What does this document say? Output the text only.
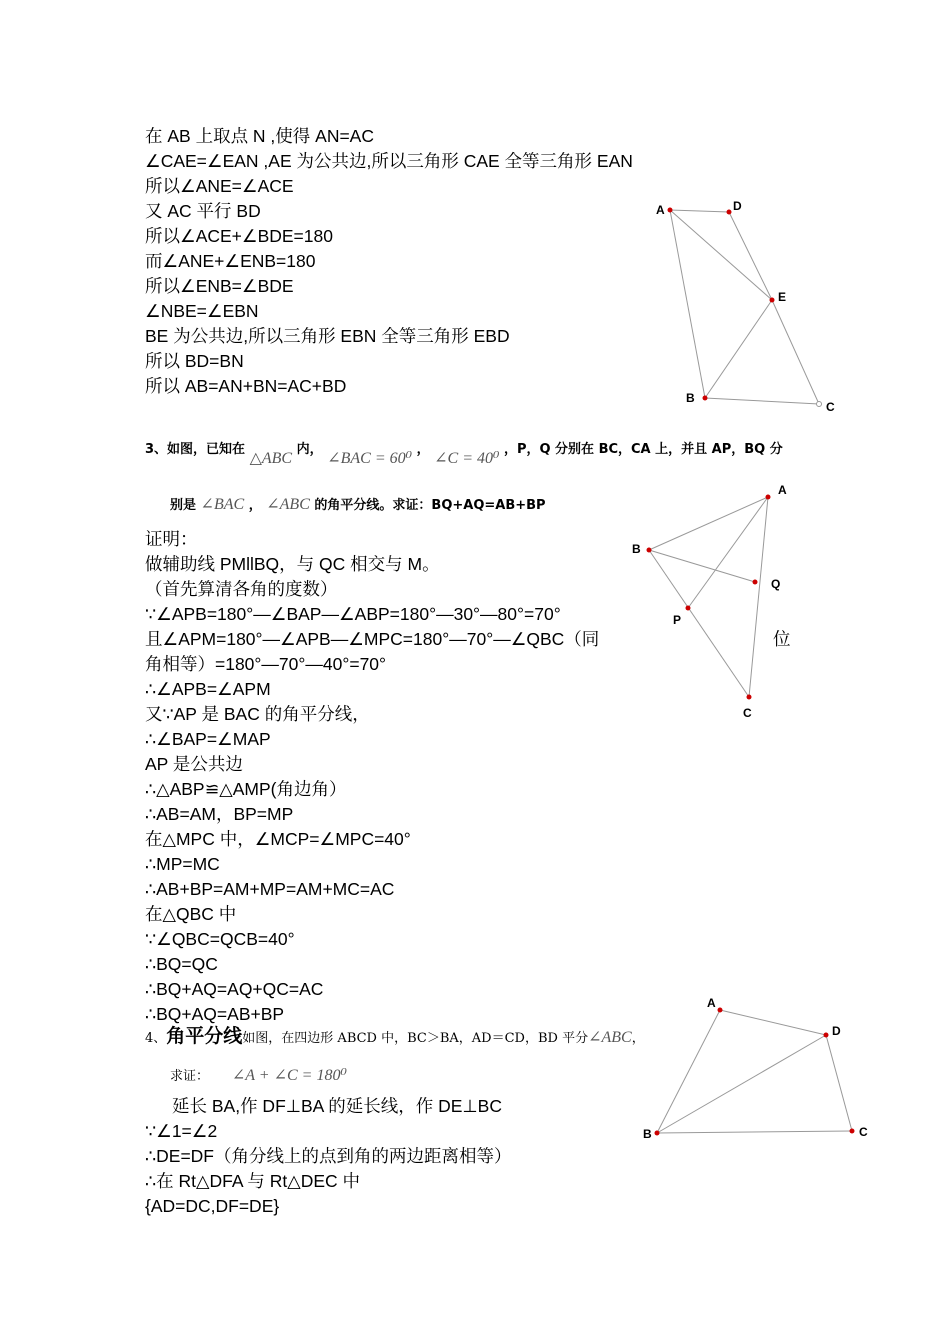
在 AB 上取点 N ,使得 AN=AC
∠CAE=∠EAN ,AE 为公共边,所以三角形 CAE 全等三角形 EAN
所以∠ANE=∠ACE
又 AC 平行 BD
所以∠ACE+∠BDE=180
而∠ANE+∠ENB=180
所以∠ENB=∠BDE
∠NBE=∠EBN
BE 为公共边,所以三角形 EBN 全等三角形 EBD
所以 BD=BN
所以 AB=AN+BN=AC+BD
A	D
E
B
C
3、如图，已知在 △ABC 内， ∠BAC = 60⁰ ， ∠C = 40⁰ ，P，Q 分别在 BC，CA 上，并且 AP，BQ 分
别是 ∠BAC ， ∠ABC 的角平分线。求证：BQ+AQ=AB+BP
证明：
做辅助线 PMllBQ，与 QC 相交与 M。
（首先算清各角的度数）
∵∠APB=180°—∠BAP—∠ABP=180°—30°—80°=70°
且∠APM=180°—∠APB—∠MPC=180°—70°—∠QBC（同	位
角相等）=180°—70°—40°=70°
∴∠APB=∠APM
又∵AP 是 BAC 的角平分线，
∴∠BAP=∠MAP
AP 是公共边
∴△ABP≌△AMP(角边角）
∴AB=AM，BP=MP
在△MPC 中，∠MCP=∠MPC=40°
∴MP=MC
∴AB+BP=AM+MP=AM+MC=AC
在△QBC 中
∵∠QBC=QCB=40°
∴BQ=QC
∴BQ+AQ=AQ+QC=AC
∴BQ+AQ=AB+BP
A
B
Q
P
C
4、角平分线如图，在四边形 ABCD 中，BC＞BA，AD＝CD，BD 平分∠ABC，
求证： ∠A + ∠C = 180⁰
延长 BA,作 DF⊥BA 的延长线，作 DE⊥BC
∵∠1=∠2
∴DE=DF（角分线上的点到角的两边距离相等）
∴在 Rt△DFA 与 Rt△DEC 中
{AD=DC,DF=DE}
A
D
B	C
